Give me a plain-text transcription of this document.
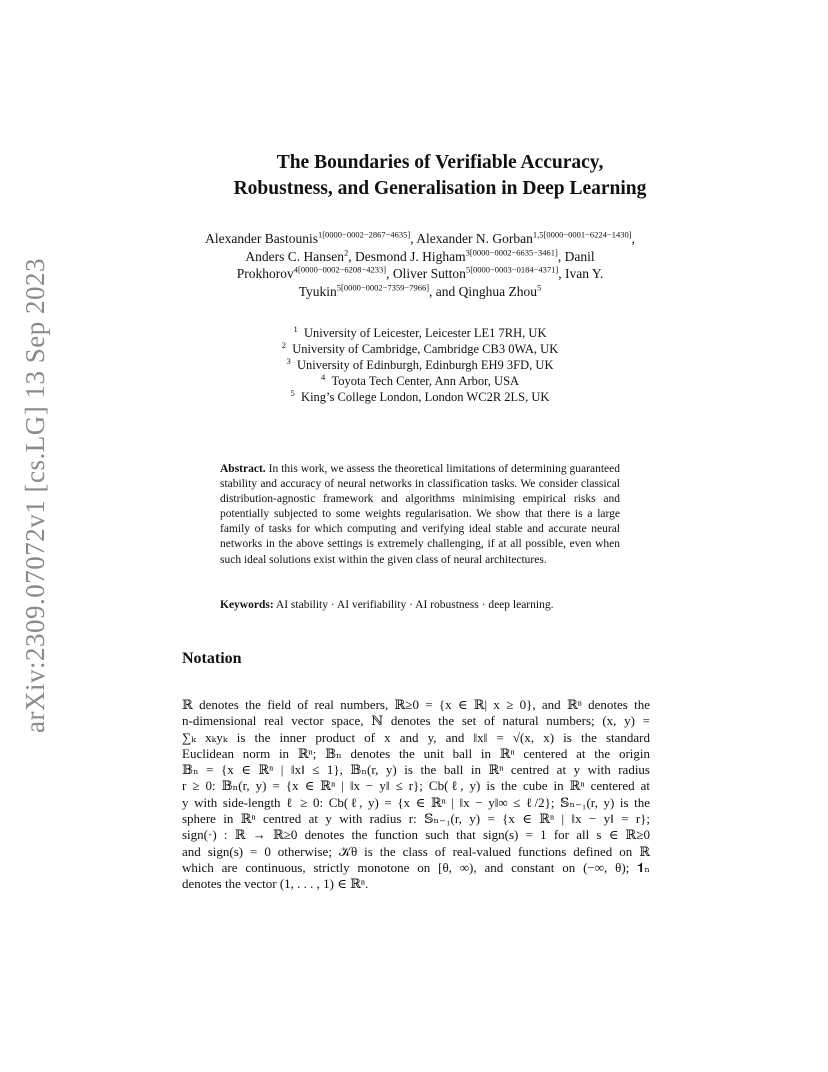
arXiv:2309.07072v1 [cs.LG] 13 Sep 2023
The Boundaries of Verifiable Accuracy,
Robustness, and Generalisation in Deep Learning
Alexander Bastounis$^{1[0000-0002-2867-4635]}$, Alexander N. Gorban$^{1,5[0000-0001-6224-1430]}$, Anders C. Hansen$^2$, Desmond J. Higham$^{3[0000-0002-6635-3461]}$, Danil Prokhorov$^{4[0000-0002-6208-4233]}$, Oliver Sutton$^{5[0000-0003-0184-4371]}$, Ivan Y. Tyukin$^{5[0000-0002-7359-7966]}$, and Qinghua Zhou$^5$
$^1$ University of Leicester, Leicester LE1 7RH, UK
$^2$ University of Cambridge, Cambridge CB3 0WA, UK
$^3$ University of Edinburgh, Edinburgh EH9 3FD, UK
$^4$ Toyota Tech Center, Ann Arbor, USA
$^5$ King’s College London, London WC2R 2LS, UK
Abstract. In this work, we assess the theoretical limitations of determining guaranteed stability and accuracy of neural networks in classification tasks. We consider classical distribution-agnostic framework and algorithms minimising empirical risks and potentially subjected to some weights regularisation. We show that there is a large family of tasks for which computing and verifying ideal stable and accurate neural networks in the above settings is extremely challenging, if at all possible, even when such ideal solutions exist within the given class of neural architectures.
Keywords: AI stability · AI verifiability · AI robustness · deep learning.
Notation
ℝ denotes the field of real numbers, ℝ≥0 = {x ∈ ℝ| x ≥ 0}, and ℝⁿ denotes the
n-dimensional real vector space, ℕ denotes the set of natural numbers; (x, y) =
∑ₖ xₖyₖ is the inner product of x and y, and ‖x‖ = √(x, x) is the standard
Euclidean norm in ℝⁿ; 𝔹ₙ denotes the unit ball in ℝⁿ centered at the origin
𝔹ₙ = {x ∈ ℝⁿ | ‖x‖ ≤ 1}, 𝔹ₙ(r, y) is the ball in ℝⁿ centred at y with radius
r ≥ 0: 𝔹ₙ(r, y) = {x ∈ ℝⁿ | ‖x − y‖ ≤ r}; Cb(ℓ, y) is the cube in ℝⁿ centered at
y with side-length ℓ ≥ 0: Cb(ℓ, y) = {x ∈ ℝⁿ | ‖x − y‖∞ ≤ ℓ/2}; 𝕊ₙ₋₁(r, y) is the
sphere in ℝⁿ centred at y with radius r: 𝕊ₙ₋₁(r, y) = {x ∈ ℝⁿ | ‖x − y‖ = r};
sign(·) : ℝ → ℝ≥0 denotes the function such that sign(s) = 1 for all s ∈ ℝ≥0
and sign(s) = 0 otherwise; 𝒦θ is the class of real-valued functions defined on ℝ
which are continuous, strictly monotone on [θ, ∞), and constant on (−∞, θ); 𝟏ₙ
denotes the vector (1, . . . , 1) ∈ ℝⁿ.
